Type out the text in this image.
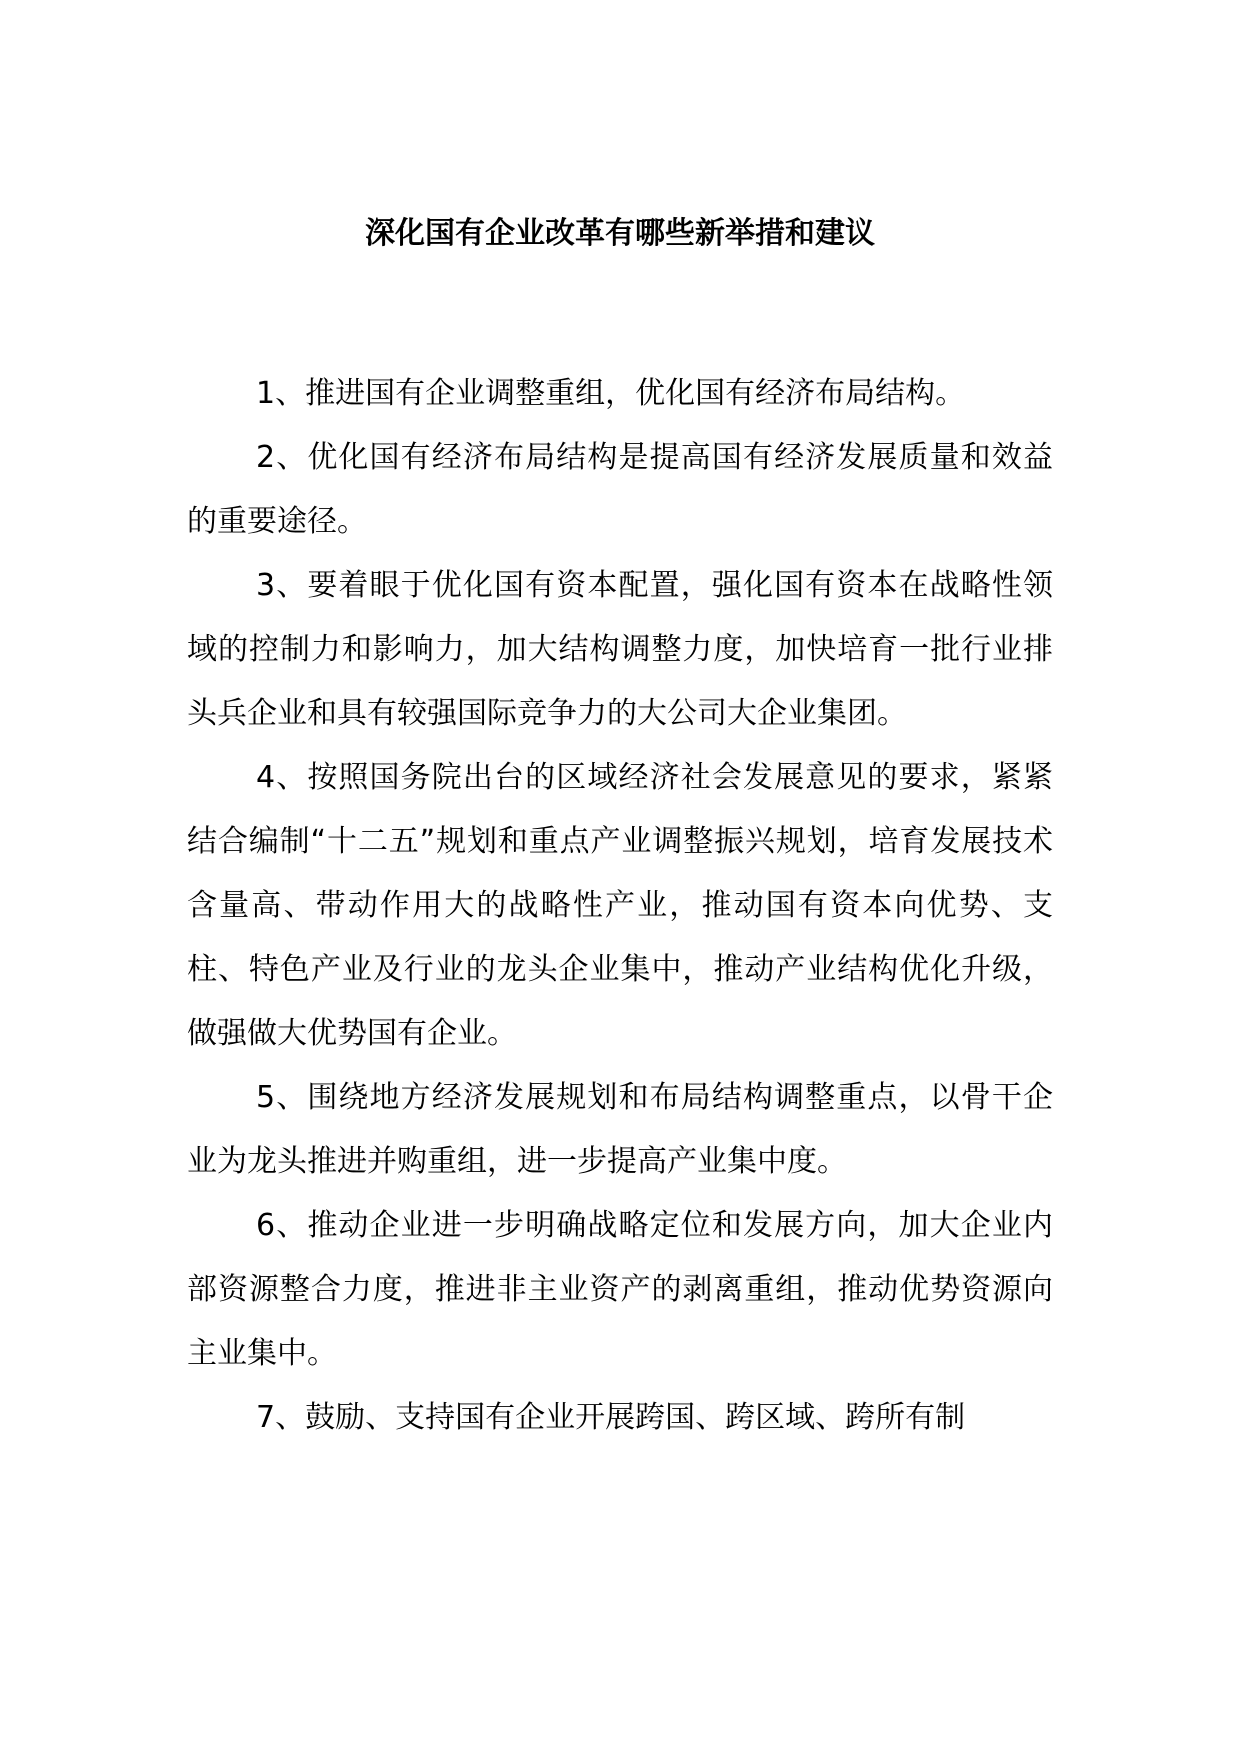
深化国有企业改革有哪些新举措和建议

1、推进国有企业调整重组，优化国有经济布局结构。

2、优化国有经济布局结构是提高国有经济发展质量和效益的重要途径。

3、要着眼于优化国有资本配置，强化国有资本在战略性领域的控制力和影响力，加大结构调整力度，加快培育一批行业排头兵企业和具有较强国际竞争力的大公司大企业集团。

4、按照国务院出台的区域经济社会发展意见的要求，紧紧结合编制“十二五”规划和重点产业调整振兴规划，培育发展技术含量高、带动作用大的战略性产业，推动国有资本向优势、支柱、特色产业及行业的龙头企业集中，推动产业结构优化升级，做强做大优势国有企业。

5、围绕地方经济发展规划和布局结构调整重点，以骨干企业为龙头推进并购重组，进一步提高产业集中度。

6、推动企业进一步明确战略定位和发展方向，加大企业内部资源整合力度，推进非主业资产的剥离重组，推动优势资源向主业集中。

7、鼓励、支持国有企业开展跨国、跨区域、跨所有制
